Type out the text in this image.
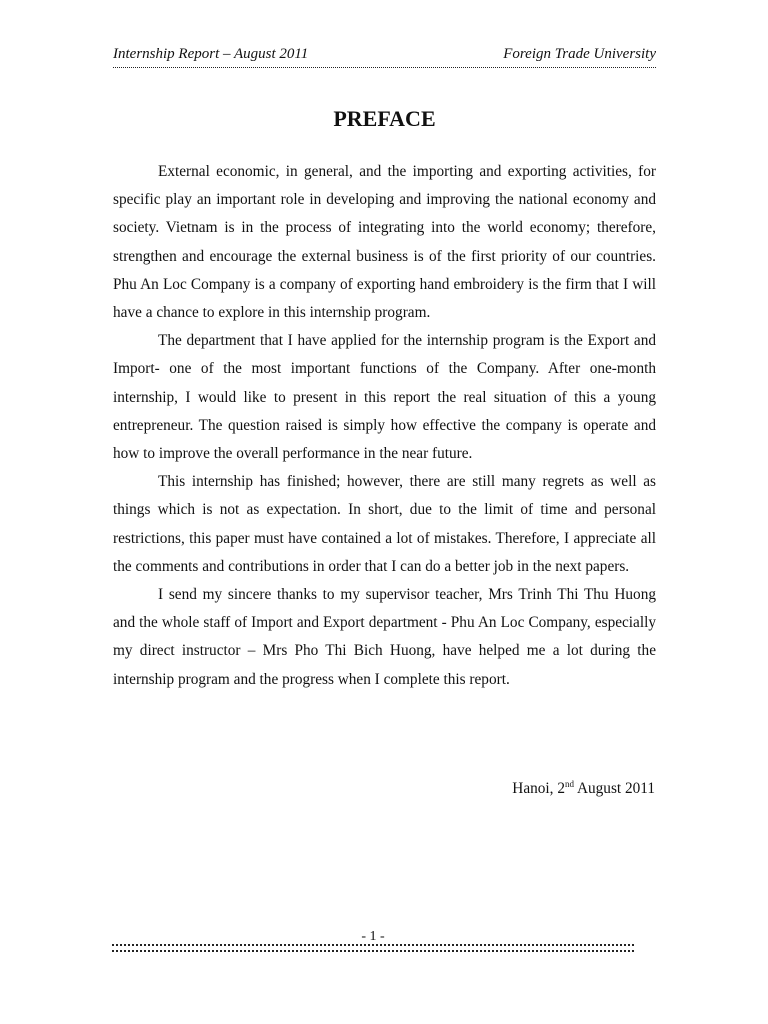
Internship Report – August 2011	Foreign Trade University
PREFACE

External economic, in general, and the importing and exporting activities, for specific play an important role in developing and improving the national economy and society. Vietnam is in the process of integrating into the world economy; therefore, strengthen and encourage the external business is of the first priority of our countries. Phu An Loc Company is a company of exporting hand embroidery is the firm that I will have a chance to explore in this internship program.

The department that I have applied for the internship program is the Export and Import- one of the most important functions of the Company. After one-month internship, I would like to present in this report the real situation of this a young entrepreneur. The question raised is simply how effective the company is operate and how to improve the overall performance in the near future.

This internship has finished; however, there are still many regrets as well as things which is not as expectation. In short, due to the limit of time and personal restrictions, this paper must have contained a lot of mistakes. Therefore, I appreciate all the comments and contributions in order that I can do a better job in the next papers.

I send my sincere thanks to my supervisor teacher, Mrs Trinh Thi Thu Huong and the whole staff of Import and Export department - Phu An Loc Company, especially my direct instructor – Mrs Pho Thi Bich Huong, have helped me a lot during the internship program and the progress when I complete this report.

Hanoi, 2nd August 2011
- 1 -
